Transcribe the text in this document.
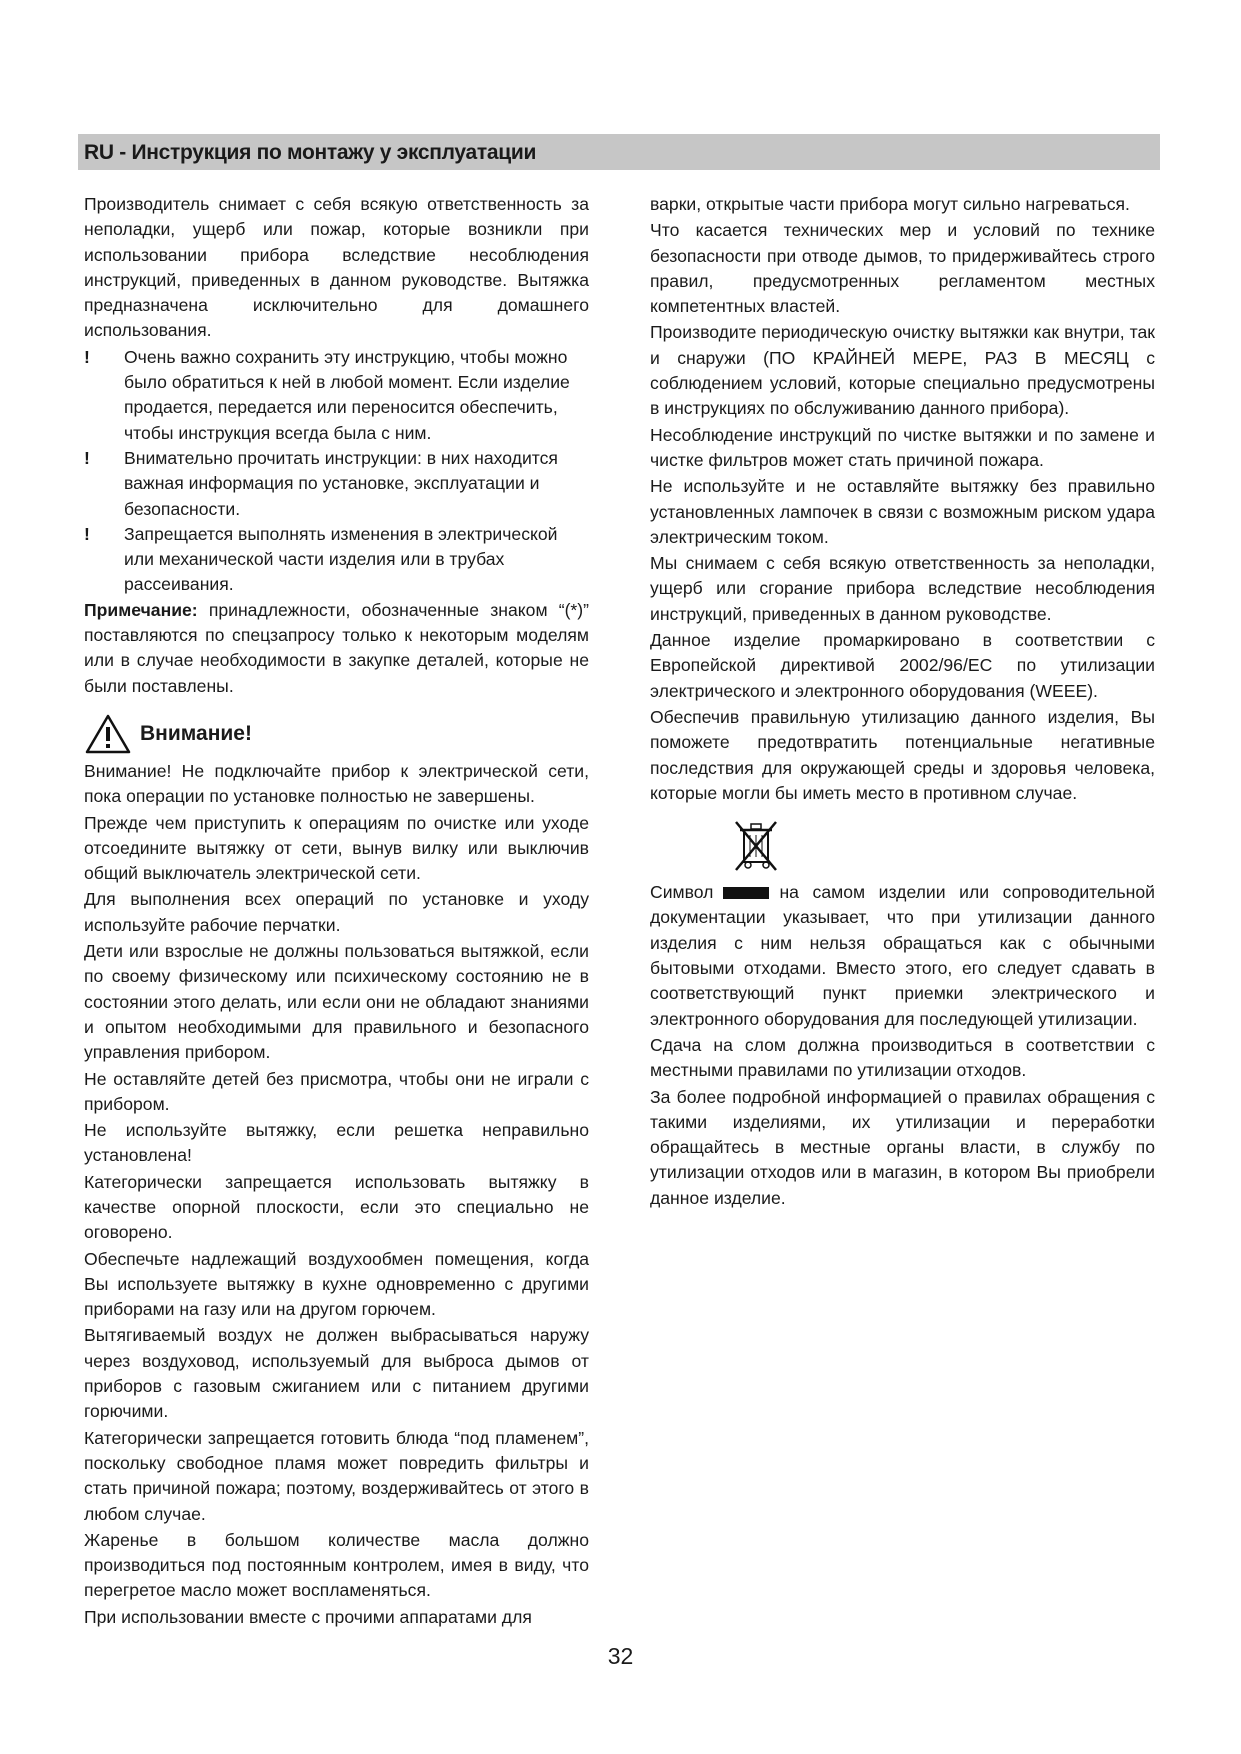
RU - Инструкция по монтажу у эксплуатации

Производитель снимает с себя всякую ответственность за неполадки, ущерб или пожар, которые возникли при использовании прибора вследствие несоблюдения инструкций, приведенных в данном руководстве. Вытяжка предназначена исключительно для домашнего использования.

! Очень важно сохранить эту инструкцию, чтобы можно было обратиться к ней в любой момент. Если изделие продается, передается или переносится обеспечить, чтобы инструкция всегда была с ним.
! Внимательно прочитать инструкции: в них находится важная информация по установке, эксплуатации и безопасности.
! Запрещается выполнять изменения в электрической или механической части изделия или в трубах рассеивания.

Примечание: принадлежности, обозначенные знаком “(*)” поставляются по спецзапросу только к некоторым моделям или в случае необходимости в закупке деталей, которые не были поставлены.

Внимание!

Внимание! Не подключайте прибор к электрической сети, пока операции по установке полностью не завершены.

Прежде чем приступить к операциям по очистке или уходе отсоедините вытяжку от сети, вынув вилку или выключив общий выключатель электрической сети.

Для выполнения всех операций по установке и уходу используйте рабочие перчатки.

Дети или взрослые не должны пользоваться вытяжкой, если по своему физическому или психическому состоянию не в состоянии этого делать, или если они не обладают знаниями и опытом необходимыми для правильного и безопасного управления прибором.

Не оставляйте детей без присмотра, чтобы они не играли с прибором.

Не используйте вытяжку, если решетка неправильно установлена!

Категорически запрещается использовать вытяжку в качестве опорной плоскости, если это специально не оговорено.

Обеспечьте надлежащий воздухообмен помещения, когда Вы используете вытяжку в кухне одновременно с другими приборами на газу или на другом горючем.

Вытягиваемый воздух не должен выбрасываться наружу через воздуховод, используемый для выброса дымов от приборов с газовым сжиганием или с питанием другими горючими.

Категорически запрещается готовить блюда “под пламенем”, поскольку свободное пламя может повредить фильтры и стать причиной пожара; поэтому, воздерживайтесь от этого в любом случае.

Жаренье в большом количестве масла должно производиться под постоянным контролем, имея в виду, что перегретое масло может воспламеняться.

При использовании вместе с прочими аппаратами для

варки, открытые части прибора могут сильно нагреваться.

Что касается технических мер и условий по технике безопасности при отводе дымов, то придерживайтесь строго правил, предусмотренных регламентом местных компетентных властей.

Производите периодическую очистку вытяжки как внутри, так и снаружи (ПО КРАЙНЕЙ МЕРЕ, РАЗ В МЕСЯЦ с соблюдением условий, которые специально предусмотрены в инструкциях по обслуживанию данного прибора).

Несоблюдение инструкций по чистке вытяжки и по замене и чистке фильтров может стать причиной пожара.

Не используйте и не оставляйте вытяжку без правильно установленных лампочек в связи с возможным риском удара электрическим током.

Мы снимаем с себя всякую ответственность за неполадки, ущерб или сгорание прибора вследствие несоблюдения инструкций, приведенных в данном руководстве.

Данное изделие промаркировано в соответствии с Европейской директивой 2002/96/EC по утилизации электрического и электронного оборудования (WEEE).

Обеспечив правильную утилизацию данного изделия, Вы поможете предотвратить потенциальные негативные последствия для окружающей среды и здоровья человека, которые могли бы иметь место в противном случае.

Символ	на самом изделии или сопроводительной документации указывает, что при утилизации данного изделия с ним нельзя обращаться как с обычными бытовыми отходами. Вместо этого, его следует сдавать в соответствующий пункт приемки электрического и электронного оборудования для последующей утилизации.

Сдача на слом должна производиться в соответствии с местными правилами по утилизации отходов.

За более подробной информацией о правилах обращения с такими изделиями, их утилизации и переработки обращайтесь в местные органы власти, в службу по утилизации отходов или в магазин, в котором Вы приобрели данное изделие.

32
